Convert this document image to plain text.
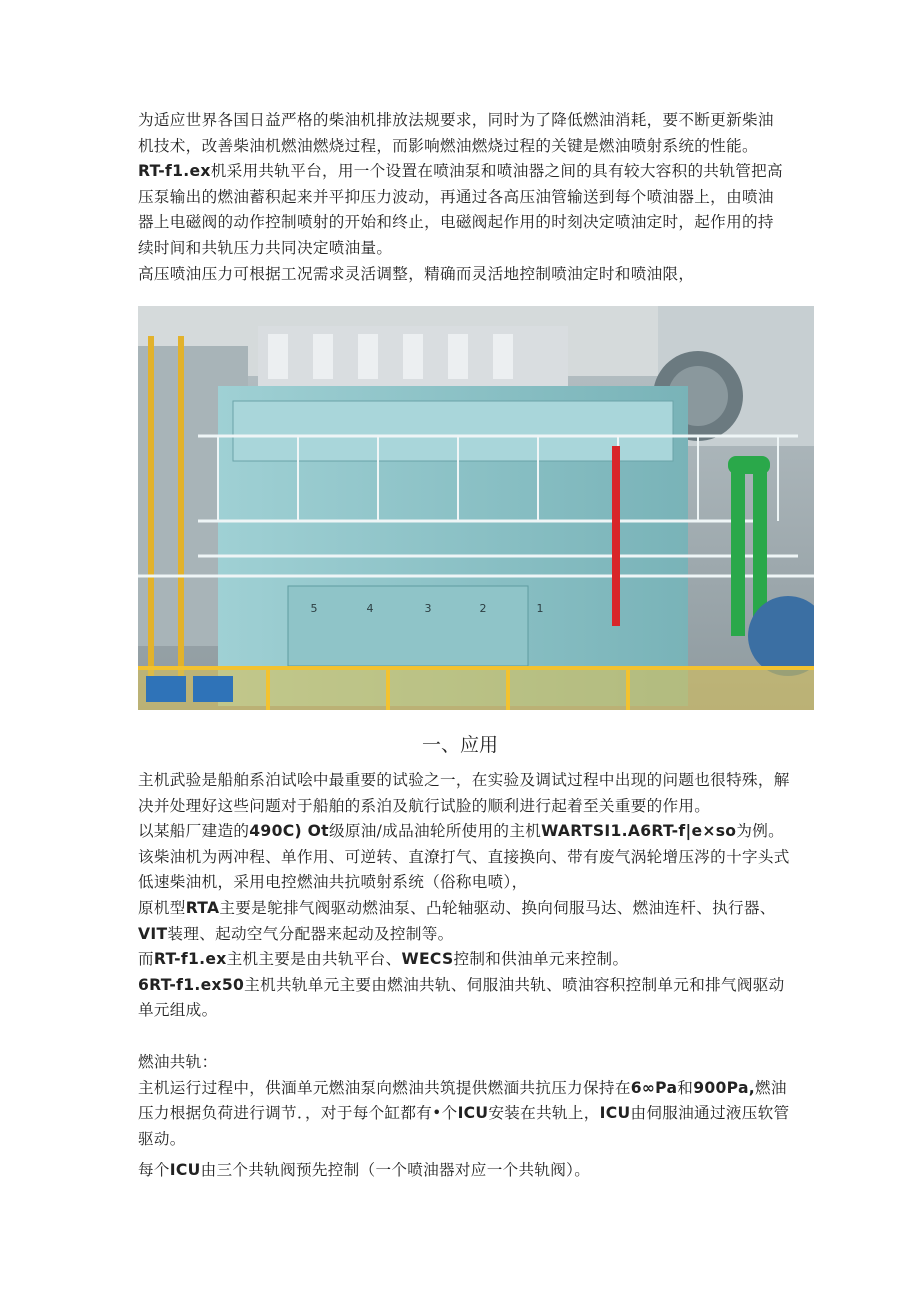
为适应世界各国日益严格的柴油机排放法规要求，同时为了降低燃油消耗，要不断更新柴油机技术，改善柴油机燃油燃烧过程，而影响燃油燃烧过程的关键是燃油喷射系统的性能。

RT-f1.ex机采用共轨平台，用一个设置在喷油泵和喷油器之间的具有较大容积的共轨管把高压泵输出的燃油蓄积起来并平抑压力波动，再通过各高压油管输送到每个喷油器上，由喷油器上电磁阀的动作控制喷射的开始和终止，电磁阀起作用的时刻决定喷油定时，起作用的持续时间和共轨压力共同决定喷油量。

高压喷油压力可根据工况需求灵活调整，精确而灵活地控制喷油定时和喷油限，

5	4	3	2	1
一、应用

主机武验是船舶系泊试哙中最重要的试验之一，在实验及调试过程中出现的问题也很特殊，解决并处理好这些问题对于船舶的系泊及航行试脸的顺利进行起着至关重要的作用。

以某船厂建造的490C) Ot级原油/成品油轮所使用的主机WARTSI1.A6RT-f|e×so为例。

该柴油机为两冲程、单作用、可逆转、直潦打气、直接换向、带有废气涡轮增压涔的十字头式低速柴油机，采用电控燃油共抗喷射系统（俗称电喷），

原机型RTA主要是鸵排气阀驱动燃油泵、凸轮轴驱动、换向伺服马达、燃油连杆、执行器、VIT装理、起动空气分配器来起动及控制等。

而RT-f1.ex主机主要是由共轨平台、WECS控制和供油单元来控制。

6RT-f1.ex50主机共轨单元主要由燃油共轨、伺服油共轨、喷油容积控制单元和排气阀驱动单元组成。

燃油共轨：

主机运行过程中，供湎单元燃油泵向燃油共筑提供燃湎共抗压力保持在6∞Pa和900Pa,燃油压力根据负荷进行调节．，对于每个缸都有•个ICU安装在共轨上，ICU由伺服油通过液压软管驱动。

每个ICU由三个共轨阀预先控制（一个喷油器对应一个共轨阀）。
